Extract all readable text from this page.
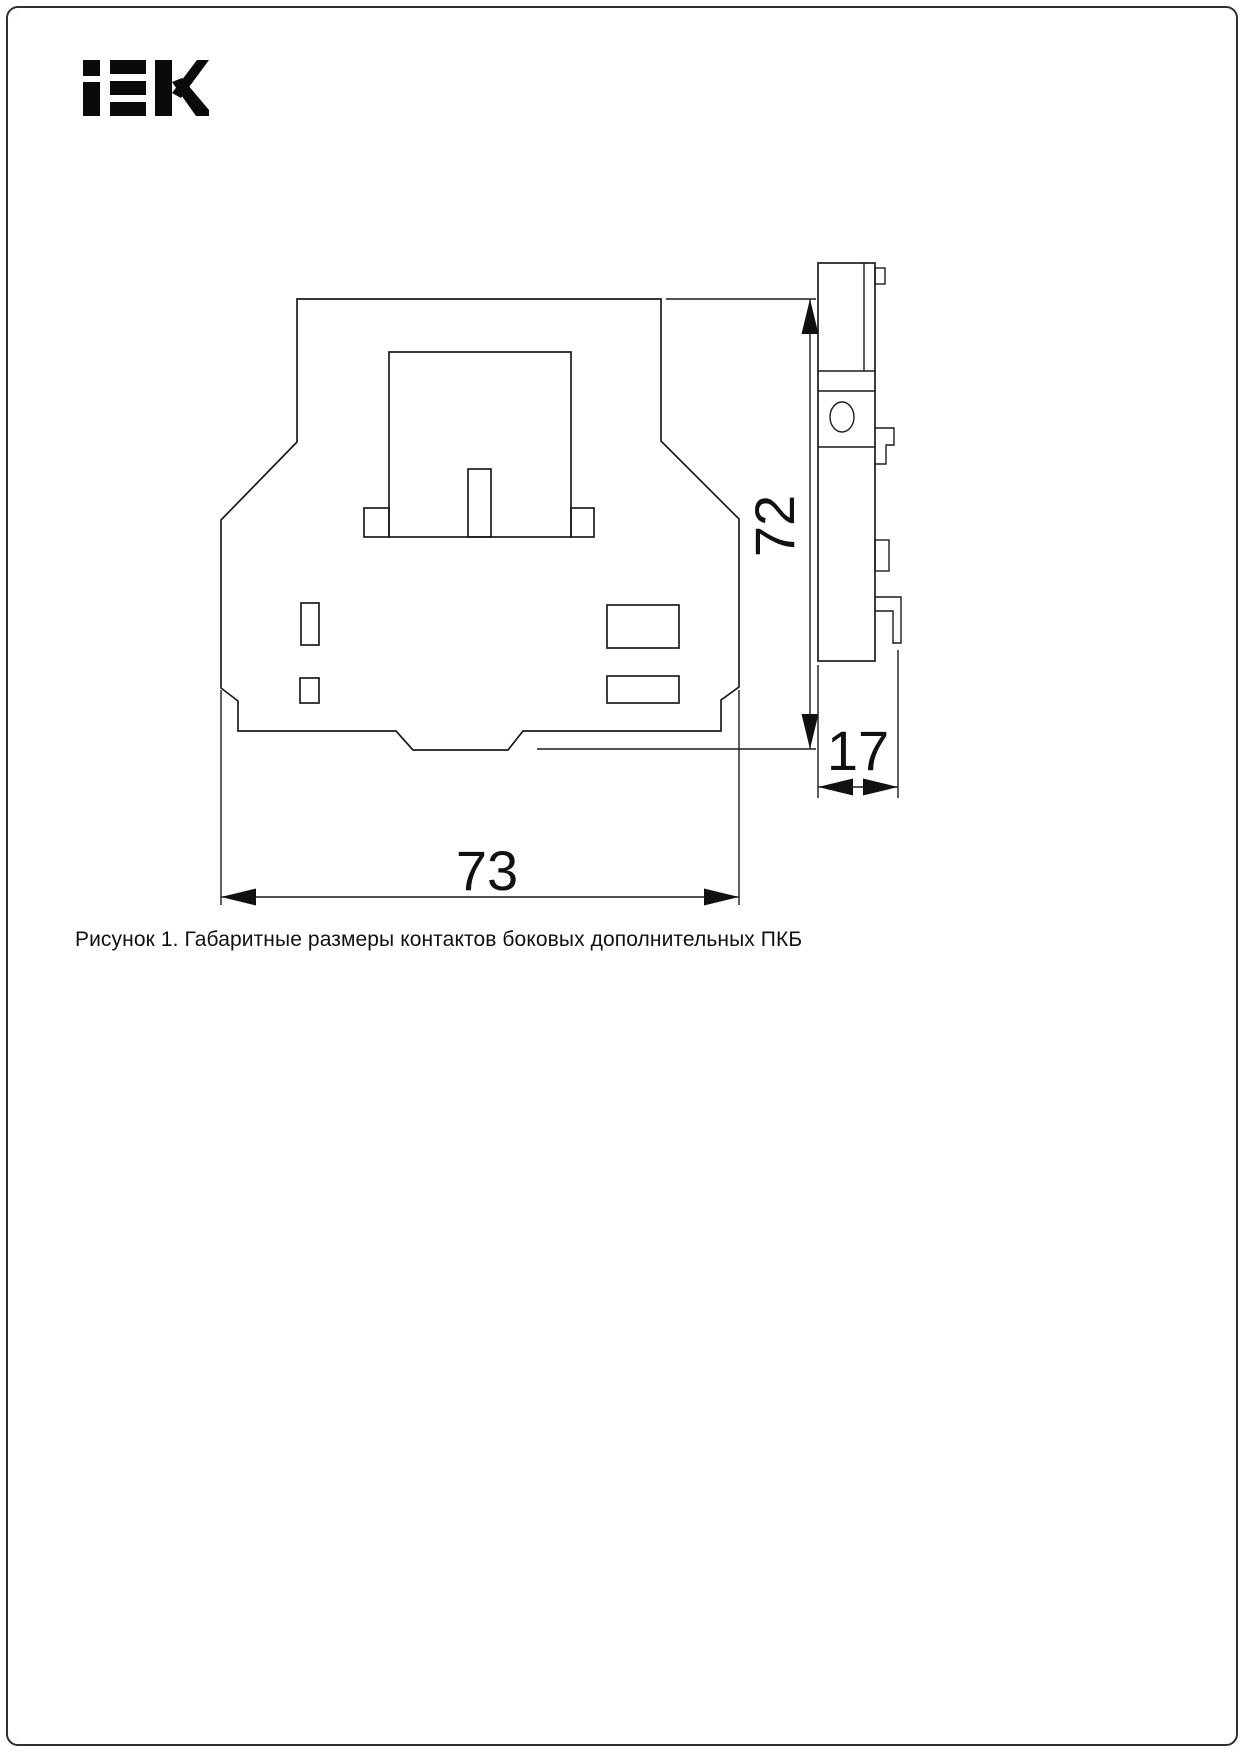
72
73
17
Рисунок 1. Габаритные размеры контактов боковых дополнительных ПКБ
